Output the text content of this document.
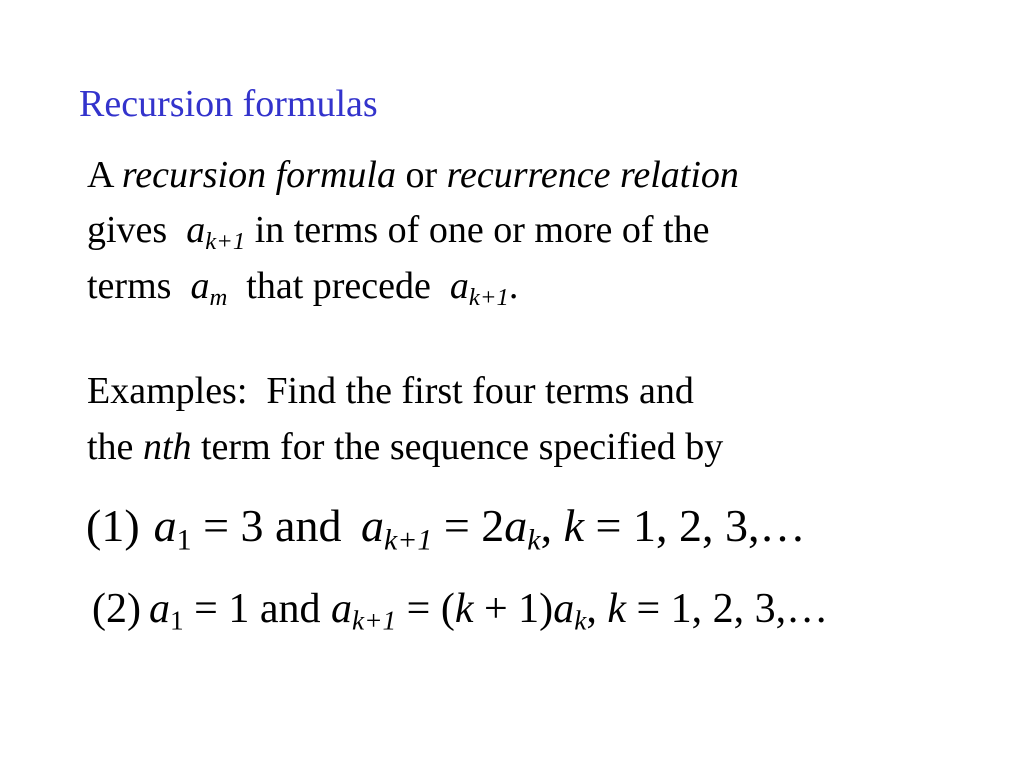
Recursion formulas
A recursion formula or recurrence relation
gives  $a_{k+1}$ in terms of one or more of the
terms  $a_m$  that precede  $a_{k+1}$.
Examples:  Find the first four terms and
the nth term for the sequence specified by
(1) $a_1 = 3$ and $a_{k+1} = 2a_k$, k = 1, 2, 3,…
(2) $a_1 = 1$ and $a_{k+1} = (k + 1)a_k$, k = 1, 2, 3,…
